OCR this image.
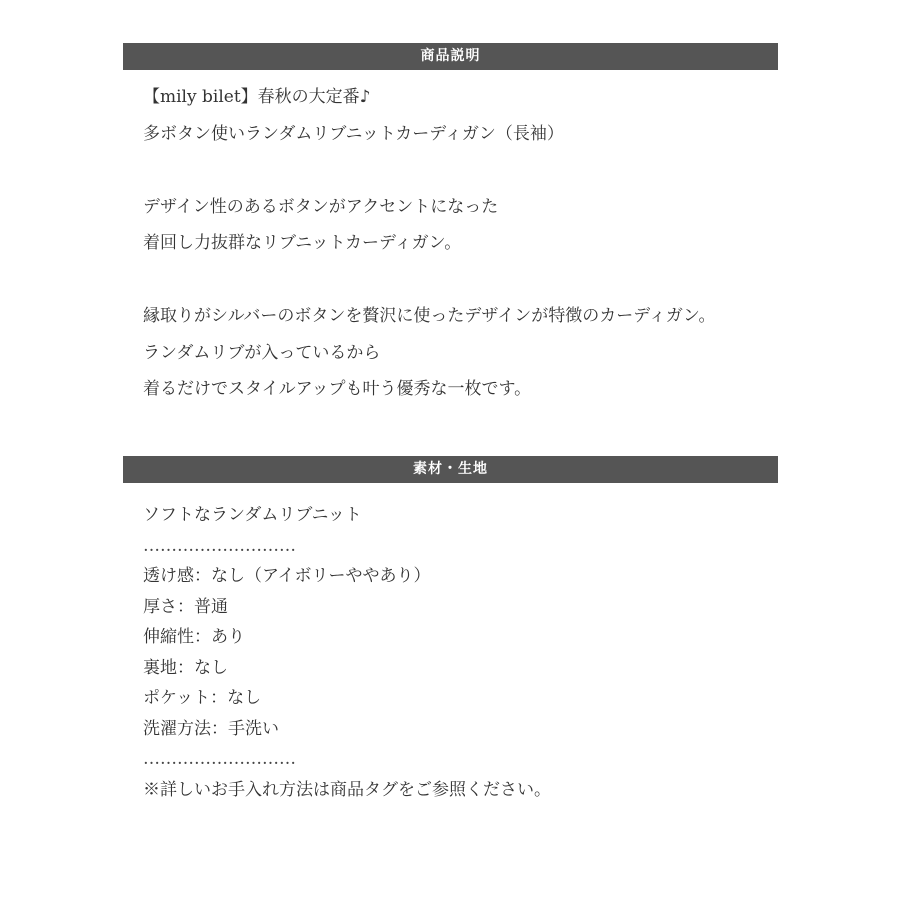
商品説明
【mily bilet】春秋の大定番♪
多ボタン使いランダムリブニットカーディガン（長袖）
デザイン性のあるボタンがアクセントになった
着回し力抜群なリブニットカーディガン。
縁取りがシルバーのボタンを贅沢に使ったデザインが特徴のカーディガン。
ランダムリブが入っているから
着るだけでスタイルアップも叶う優秀な一枚です。
素材・生地
ソフトなランダムリブニット
………………………
透け感：なし（アイボリーややあり）
厚さ：普通
伸縮性：あり
裏地：なし
ポケット：なし
洗濯方法：手洗い
………………………
※詳しいお手入れ方法は商品タグをご参照ください。
